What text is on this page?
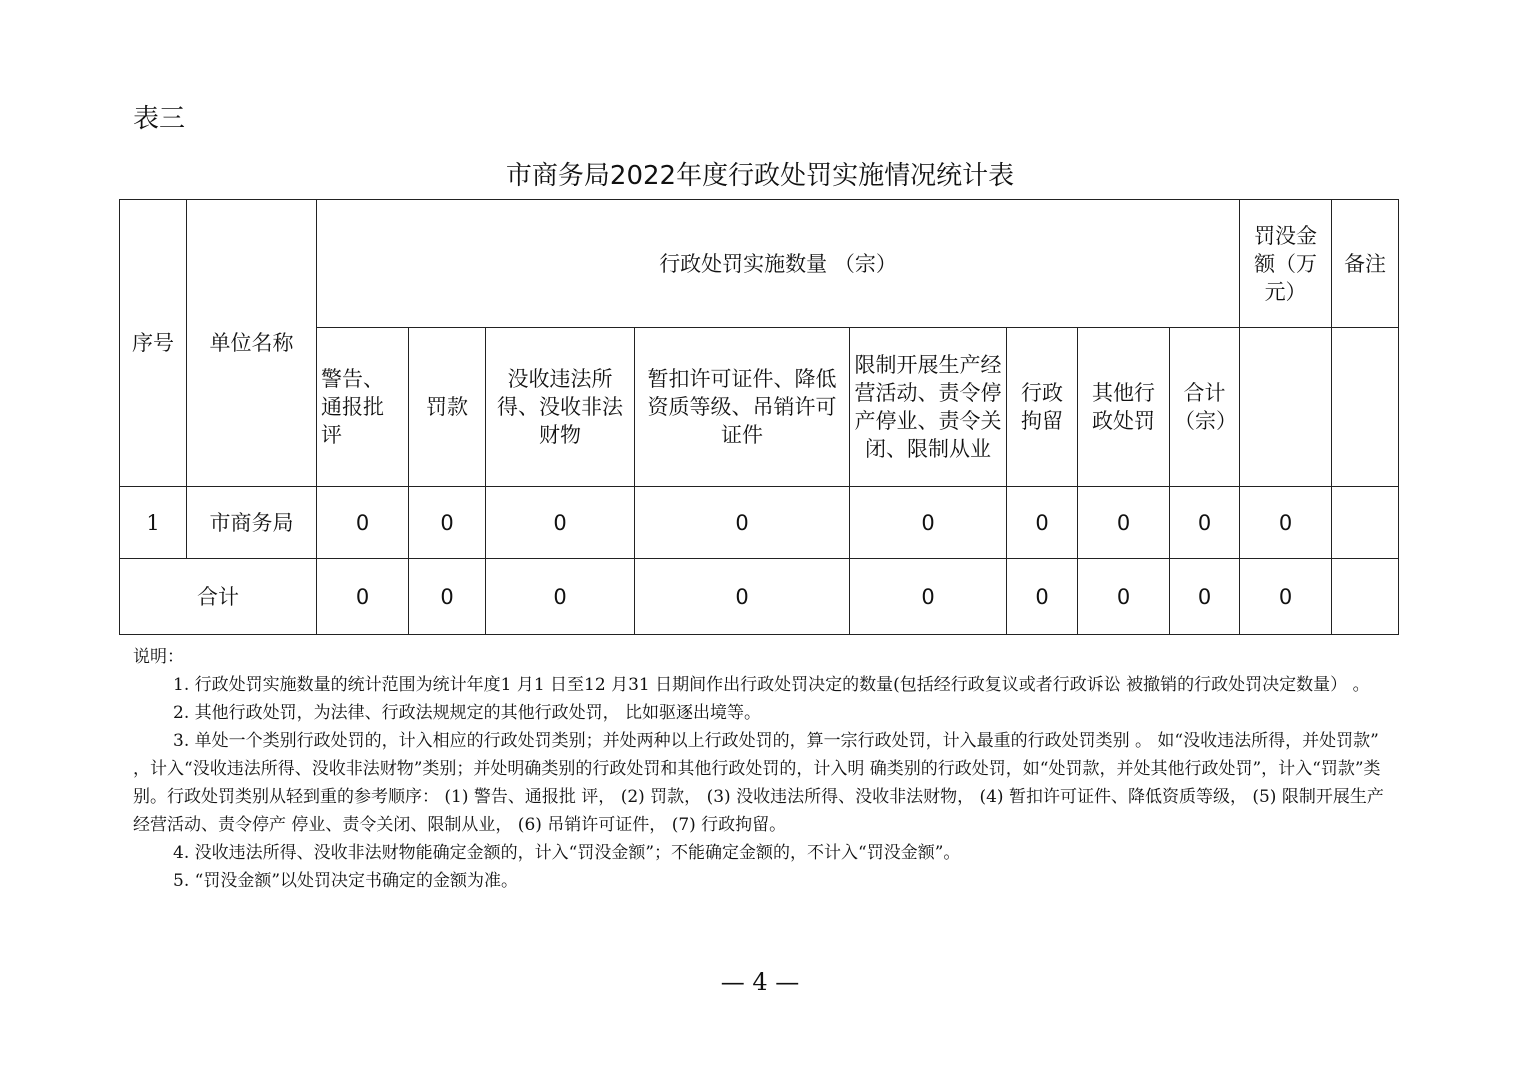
表三
市商务局2022年度行政处罚实施情况统计表
序号	单位名称	行政处罚实施数量 （宗）								罚没金额（万元）	备注
		警告、通报批评	罚款	没收违法所得、没收非法财物	暂扣许可证件、降低资质等级、吊销许可证件	限制开展生产经营活动、责令停产停业、责令关闭、限制从业	行政拘留	其他行政处罚	合计（宗）		
1	市商务局	0	0	0	0	0	0	0	0	0	
合计		0	0	0	0	0	0	0	0	0	

说明：

1. 行政处罚实施数量的统计范围为统计年度1 月1 日至12 月31 日期间作出行政处罚决定的数量(包括经行政复议或者行政诉讼 被撤销的行政处罚决定数量） 。

2. 其他行政处罚，为法律、行政法规规定的其他行政处罚， 比如驱逐出境等。

3. 单处一个类别行政处罚的，计入相应的行政处罚类别；并处两种以上行政处罚的，算一宗行政处罚，计入最重的行政处罚类别 。 如“没收违法所得，并处罚款” ，计入“没收违法所得、没收非法财物”类别；并处明确类别的行政处罚和其他行政处罚的，计入明 确类别的行政处罚，如“处罚款，并处其他行政处罚”，计入“罚款”类别。行政处罚类别从轻到重的参考顺序： (1) 警告、通报批 评， (2) 罚款， (3) 没收违法所得、没收非法财物， (4) 暂扣许可证件、降低资质等级， (5) 限制开展生产经营活动、责令停产 停业、责令关闭、限制从业， (6) 吊销许可证件， (7) 行政拘留。

4. 没收违法所得、没收非法财物能确定金额的，计入“罚没金额”；不能确定金额的，不计入“罚没金额”。

5. “罚没金额”以处罚决定书确定的金额为准。

— 4 —
